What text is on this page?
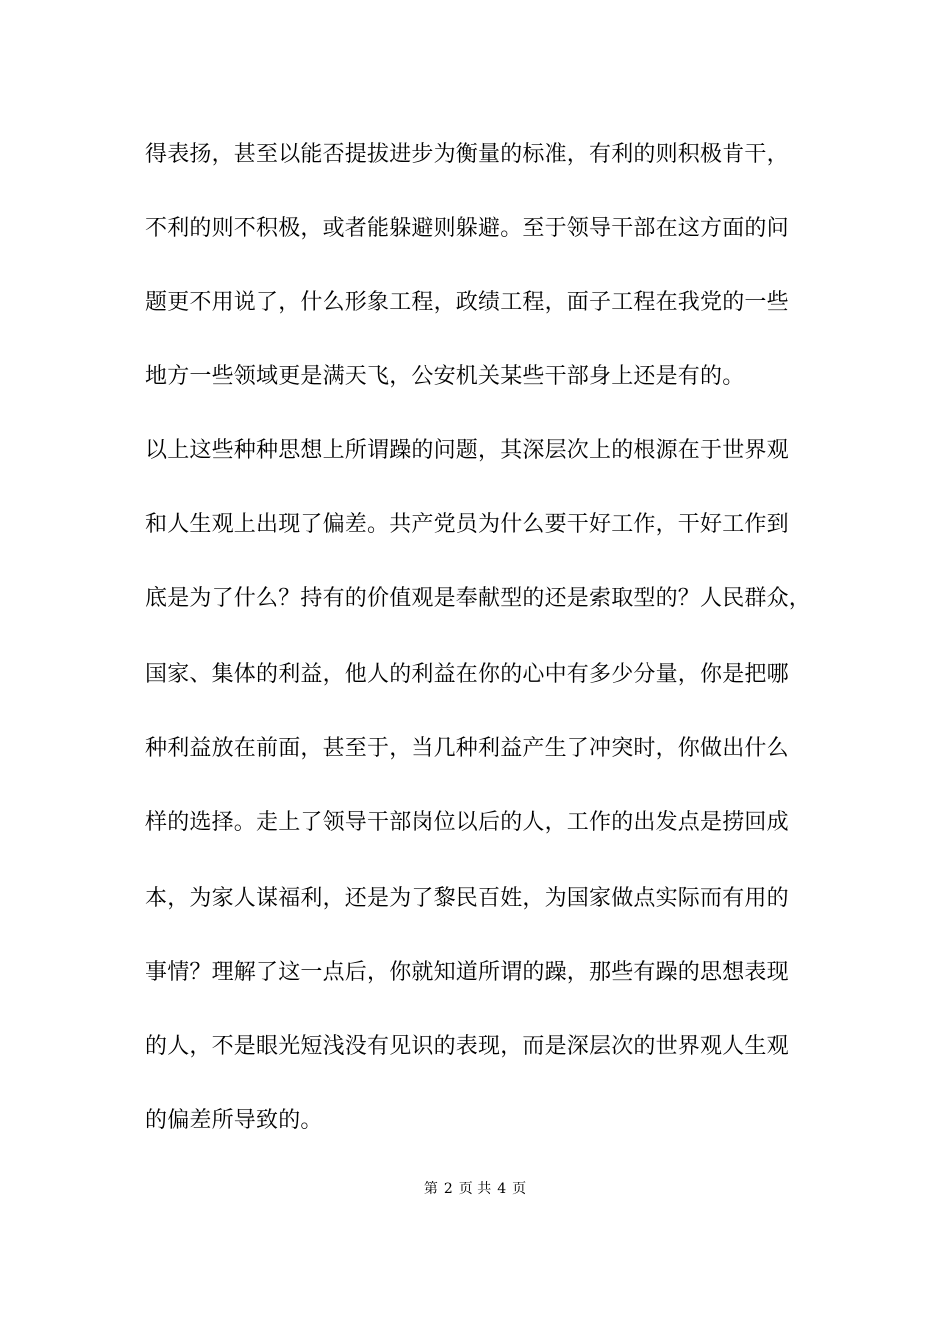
得表扬，甚至以能否提拔进步为衡量的标准，有利的则积极肯干，
不利的则不积极，或者能躲避则躲避。至于领导干部在这方面的问
题更不用说了，什么形象工程，政绩工程，面子工程在我党的一些
地方一些领域更是满天飞，公安机关某些干部身上还是有的。
以上这些种种思想上所谓躁的问题，其深层次上的根源在于世界观
和人生观上出现了偏差。共产党员为什么要干好工作，干好工作到
底是为了什么？持有的价值观是奉献型的还是索取型的？人民群众，
国家、集体的利益，他人的利益在你的心中有多少分量，你是把哪
种利益放在前面，甚至于，当几种利益产生了冲突时，你做出什么
样的选择。走上了领导干部岗位以后的人，工作的出发点是捞回成
本，为家人谋福利，还是为了黎民百姓，为国家做点实际而有用的
事情？理解了这一点后，你就知道所谓的躁，那些有躁的思想表现
的人，不是眼光短浅没有见识的表现，而是深层次的世界观人生观
的偏差所导致的。
第 2 页 共 4 页
